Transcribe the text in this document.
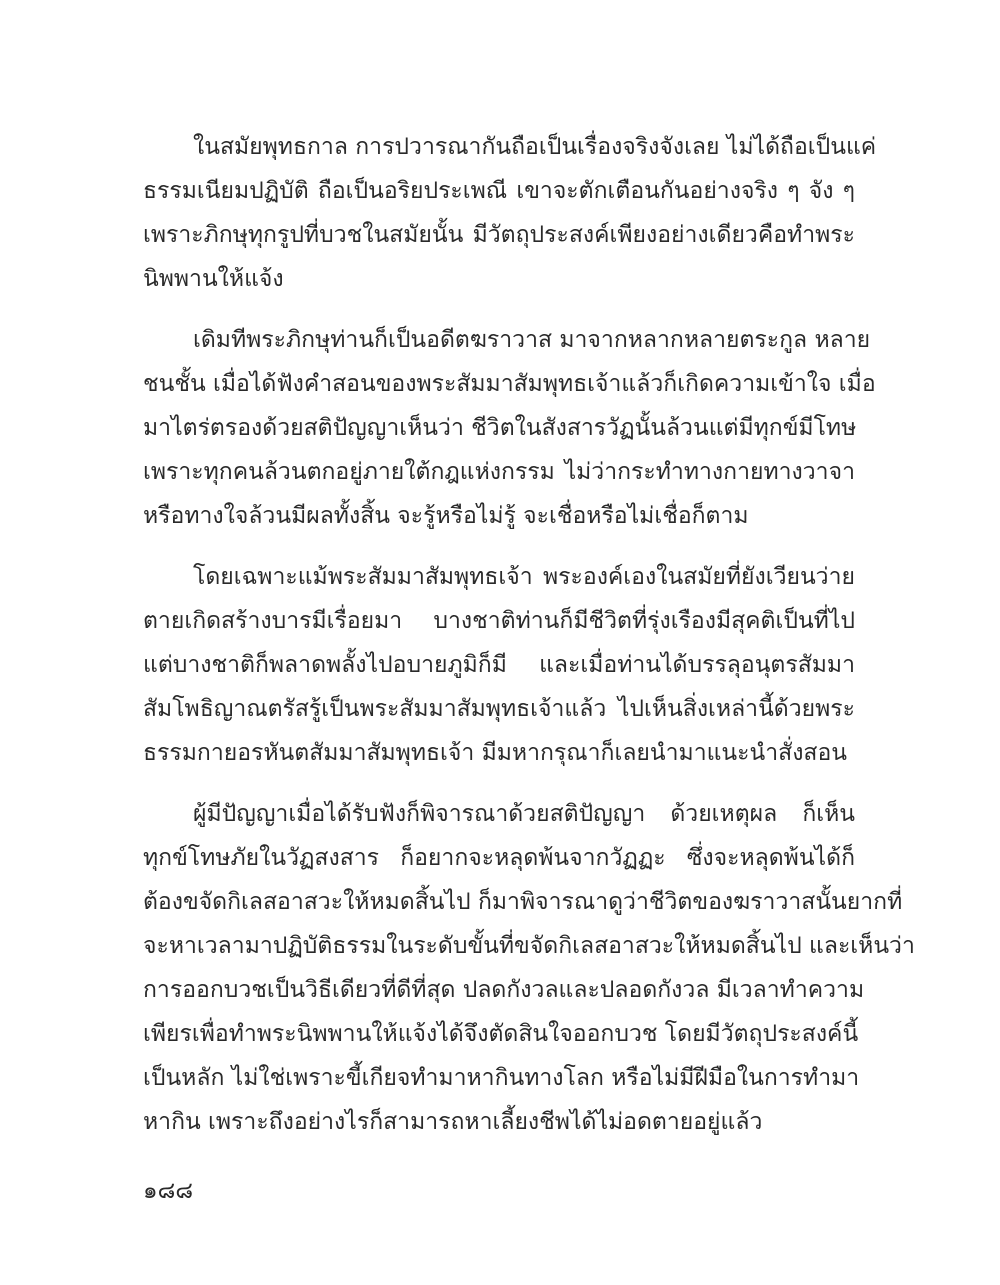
ในสมัยพุทธกาล การปวารณากันถือเป็นเรื่องจริงจังเลย ไม่ได้ถือเป็นแค่
ธรรมเนียมปฏิบัติ ถือเป็นอริยประเพณี เขาจะตักเตือนกันอย่างจริง ๆ จัง ๆ
เพราะภิกษุทุกรูปที่บวชในสมัยนั้น มีวัตถุประสงค์เพียงอย่างเดียวคือทำพระ
นิพพานให้แจ้ง

เดิมทีพระภิกษุท่านก็เป็นอดีตฆราวาส มาจากหลากหลายตระกูล หลาย
ชนชั้น เมื่อได้ฟังคำสอนของพระสัมมาสัมพุทธเจ้าแล้วก็เกิดความเข้าใจ เมื่อ
มาไตร่ตรองด้วยสติปัญญาเห็นว่า ชีวิตในสังสารวัฏนั้นล้วนแต่มีทุกข์มีโทษ
เพราะทุกคนล้วนตกอยู่ภายใต้กฎแห่งกรรม ไม่ว่ากระทำทางกายทางวาจา
หรือทางใจล้วนมีผลทั้งสิ้น จะรู้หรือไม่รู้ จะเชื่อหรือไม่เชื่อก็ตาม

โดยเฉพาะแม้พระสัมมาสัมพุทธเจ้า พระองค์เองในสมัยที่ยังเวียนว่าย
ตายเกิดสร้างบารมีเรื่อยมา บางชาติท่านก็มีชีวิตที่รุ่งเรืองมีสุคติเป็นที่ไป
แต่บางชาติก็พลาดพลั้งไปอบายภูมิก็มี และเมื่อท่านได้บรรลุอนุตรสัมมา
สัมโพธิญาณตรัสรู้เป็นพระสัมมาสัมพุทธเจ้าแล้ว ไปเห็นสิ่งเหล่านี้ด้วยพระ
ธรรมกายอรหันตสัมมาสัมพุทธเจ้า มีมหากรุณาก็เลยนำมาแนะนำสั่งสอน

ผู้มีปัญญาเมื่อได้รับฟังก็พิจารณาด้วยสติปัญญา ด้วยเหตุผล ก็เห็น
ทุกข์โทษภัยในวัฏสงสาร ก็อยากจะหลุดพ้นจากวัฏฏะ ซึ่งจะหลุดพ้นได้ก็
ต้องขจัดกิเลสอาสวะให้หมดสิ้นไป ก็มาพิจารณาดูว่าชีวิตของฆราวาสนั้นยากที่
จะหาเวลามาปฏิบัติธรรมในระดับขั้นที่ขจัดกิเลสอาสวะให้หมดสิ้นไป และเห็นว่า
การออกบวชเป็นวิธีเดียวที่ดีที่สุด ปลดกังวลและปลอดกังวล มีเวลาทำความ
เพียรเพื่อทำพระนิพพานให้แจ้งได้จึงตัดสินใจออกบวช โดยมีวัตถุประสงค์นี้
เป็นหลัก ไม่ใช่เพราะขี้เกียจทำมาหากินทางโลก หรือไม่มีฝีมือในการทำมา
หากิน เพราะถึงอย่างไรก็สามารถหาเลี้ยงชีพได้ไม่อดตายอยู่แล้ว

๑๘๘
